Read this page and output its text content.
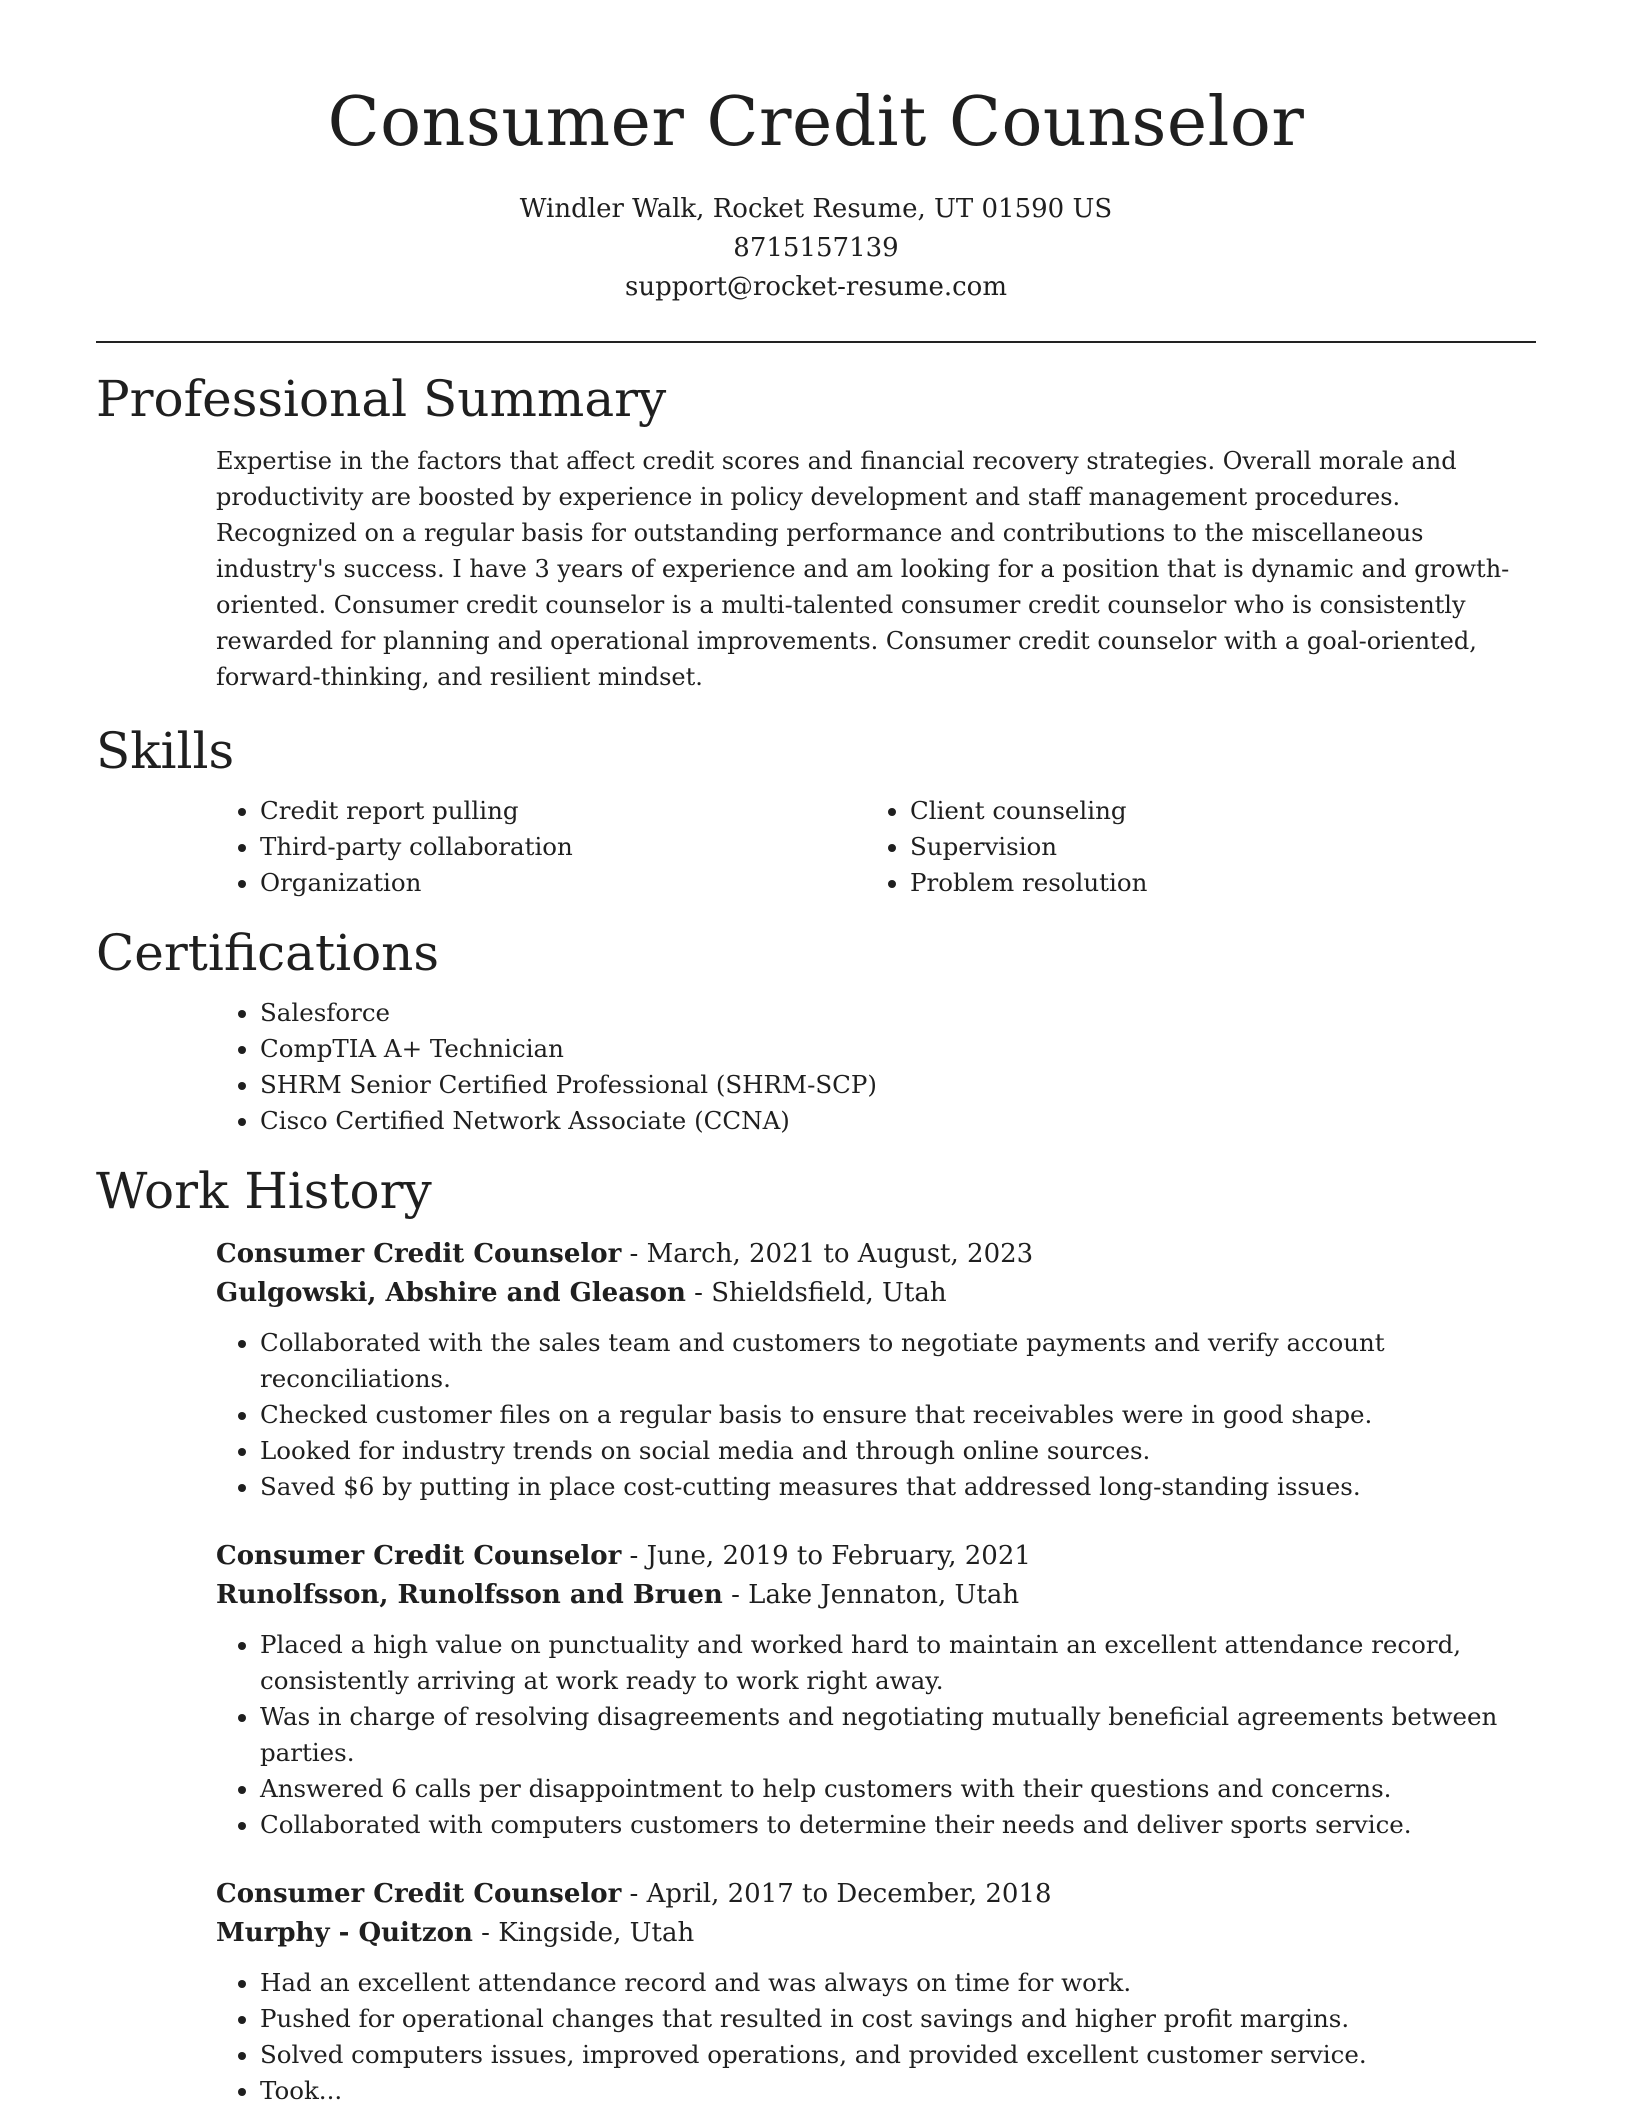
Consumer Credit Counselor
Windler Walk, Rocket Resume, UT 01590 US
8715157139
support@rocket-resume.com
Professional Summary

Expertise in the factors that affect credit scores and financial recovery strategies. Overall morale and productivity are boosted by experience in policy development and staff management procedures. Recognized on a regular basis for outstanding performance and contributions to the miscellaneous industry's success. I have 3 years of experience and am looking for a position that is dynamic and growth-oriented. Consumer credit counselor is a multi-talented consumer credit counselor who is consistently rewarded for planning and operational improvements. Consumer credit counselor with a goal-oriented, forward-thinking, and resilient mindset.

Skills
• Credit report pulling
• Third-party collaboration
• Organization
• Client counseling
• Supervision
• Problem resolution
Certifications
• Salesforce
• CompTIA A+ Technician
• SHRM Senior Certified Professional (SHRM-SCP)
• Cisco Certified Network Associate (CCNA)
Work History

Consumer Credit Counselor - March, 2021 to August, 2023

Gulgowski, Abshire and Gleason - Shieldsfield, Utah

• Collaborated with the sales team and customers to negotiate payments and verify account reconciliations.
• Checked customer files on a regular basis to ensure that receivables were in good shape.
• Looked for industry trends on social media and through online sources.
• Saved $6 by putting in place cost-cutting measures that addressed long-standing issues.

Consumer Credit Counselor - June, 2019 to February, 2021

Runolfsson, Runolfsson and Bruen - Lake Jennaton, Utah

• Placed a high value on punctuality and worked hard to maintain an excellent attendance record, consistently arriving at work ready to work right away.
• Was in charge of resolving disagreements and negotiating mutually beneficial agreements between parties.
• Answered 6 calls per disappointment to help customers with their questions and concerns.
• Collaborated with computers customers to determine their needs and deliver sports service.

Consumer Credit Counselor - April, 2017 to December, 2018

Murphy - Quitzon - Kingside, Utah

• Had an excellent attendance record and was always on time for work.
• Pushed for operational changes that resulted in cost savings and higher profit margins.
• Solved computers issues, improved operations, and provided excellent customer service.
• Took...
